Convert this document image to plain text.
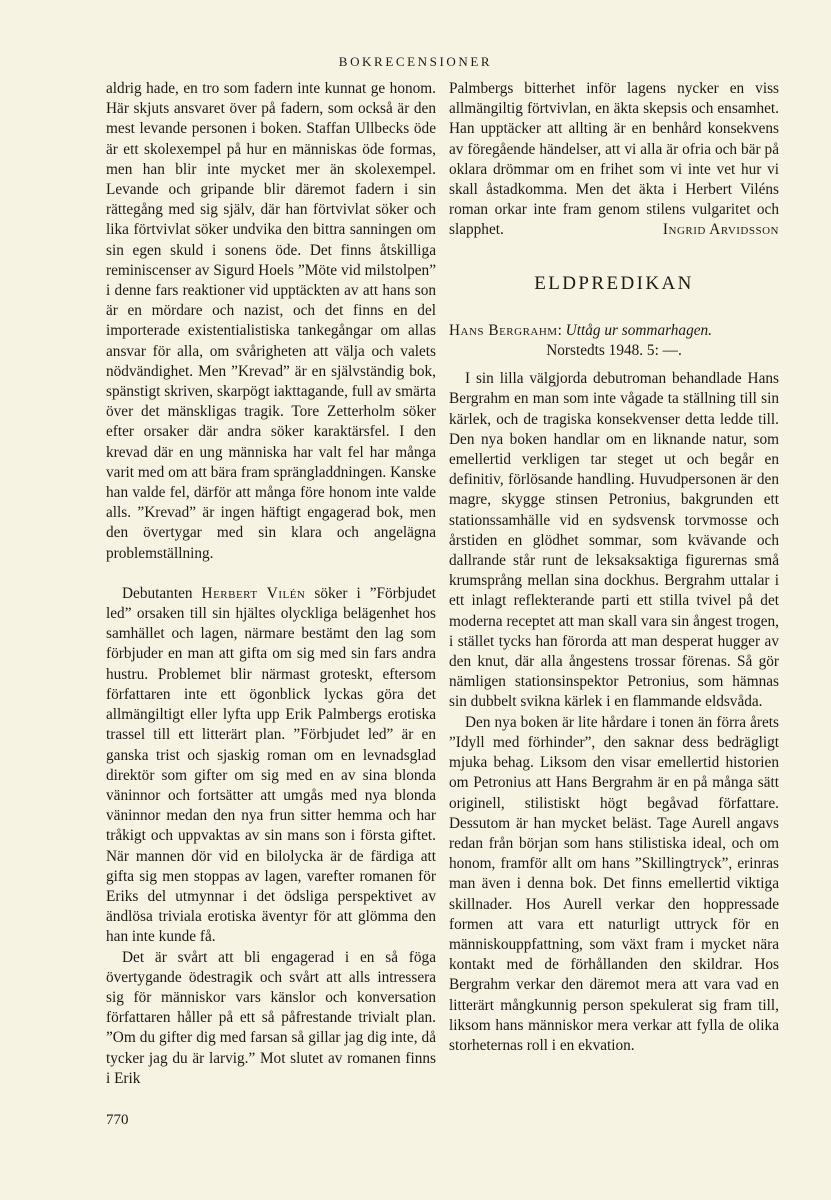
BOKRECENSIONER

aldrig hade, en tro som fadern inte kunnat ge honom. Här skjuts ansvaret över på fadern, som också är den mest levande personen i boken. Staffan Ullbecks öde är ett skolexempel på hur en människas öde formas, men han blir inte mycket mer än skolexempel. Levande och gripande blir däremot fadern i sin rättegång med sig själv, där han förtvivlat söker och lika förtvivlat söker undvika den bittra sanningen om sin egen skuld i sonens öde. Det finns åtskilliga reminiscenser av Sigurd Hoels ”Möte vid milstolpen” i denne fars reaktioner vid upptäckten av att hans son är en mördare och nazist, och det finns en del importerade existentialistiska tankegångar om allas ansvar för alla, om svårigheten att välja och valets nödvändighet. Men ”Krevad” är en självständig bok, spänstigt skriven, skarpögt iakttagande, full av smärta över det mänskligas tragik. Tore Zetterholm söker efter orsaker där andra söker karaktärsfel. I den krevad där en ung människa har valt fel har många varit med om att bära fram sprängladdningen. Kanske han valde fel, därför att många före honom inte valde alls. ”Krevad” är ingen häftigt engagerad bok, men den övertygar med sin klara och angelägna problemställning.

Debutanten Herbert Vilén söker i ”Förbjudet led” orsaken till sin hjältes olyckliga belägenhet hos samhället och lagen, närmare bestämt den lag som förbjuder en man att gifta om sig med sin fars andra hustru. Problemet blir närmast groteskt, eftersom författaren inte ett ögonblick lyckas göra det allmängiltigt eller lyfta upp Erik Palmbergs erotiska trassel till ett litterärt plan. ”Förbjudet led” är en ganska trist och sjaskig roman om en levnadsglad direktör som gifter om sig med en av sina blonda väninnor och fortsätter att umgås med nya blonda väninnor medan den nya frun sitter hemma och har tråkigt och uppvaktas av sin mans son i första giftet. När mannen dör vid en bilolycka är de färdiga att gifta sig men stoppas av lagen, varefter romanen för Eriks del utmynnar i det ödsliga perspektivet av ändlösa triviala erotiska äventyr för att glömma den han inte kunde få.

Det är svårt att bli engagerad i en så föga övertygande ödestragik och svårt att alls intressera sig för människor vars känslor och konversation författaren håller på ett så påfrestande trivialt plan. ”Om du gifter dig med farsan så gillar jag dig inte, då tycker jag du är larvig.” Mot slutet av romanen finns i Erik

Palmbergs bitterhet inför lagens nycker en viss allmängiltig förtvivlan, en äkta skepsis och ensamhet. Han upptäcker att allting är en benhård konsekvens av föregående händelser, att vi alla är ofria och bär på oklara drömmar om en frihet som vi inte vet hur vi skall åstadkomma. Men det äkta i Herbert Viléns roman orkar inte fram genom stilens vulgaritet och slapphet.	Ingrid Arvidsson

ELDPREDIKAN
Hans Bergrahm: Uttåg ur sommarhagen.
Norstedts 1948. 5: —.

I sin lilla välgjorda debutroman behandlade Hans Bergrahm en man som inte vågade ta ställning till sin kärlek, och de tragiska konsekvenser detta ledde till. Den nya boken handlar om en liknande natur, som emellertid verkligen tar steget ut och begår en definitiv, förlösande handling. Huvudpersonen är den magre, skygge stinsen Petronius, bakgrunden ett stationssamhälle vid en sydsvensk torvmosse och årstiden en glödhet sommar, som kvävande och dallrande står runt de leksaksaktiga figurernas små krumsprång mellan sina dockhus. Bergrahm uttalar i ett inlagt reflekterande parti ett stilla tvivel på det moderna receptet att man skall vara sin ångest trogen, i stället tycks han förorda att man desperat hugger av den knut, där alla ångestens trossar förenas. Så gör nämligen stationsinspektor Petronius, som hämnas sin dubbelt svikna kärlek i en flammande eldsvåda.

Den nya boken är lite hårdare i tonen än förra årets ”Idyll med förhinder”, den saknar dess bedrägligt mjuka behag. Liksom den visar emellertid historien om Petronius att Hans Bergrahm är en på många sätt originell, stilistiskt högt begåvad författare. Dessutom är han mycket beläst. Tage Aurell angavs redan från början som hans stilistiska ideal, och om honom, framför allt om hans ”Skillingtryck”, erinras man även i denna bok. Det finns emellertid viktiga skillnader. Hos Aurell verkar den hoppressade formen att vara ett naturligt uttryck för en människouppfattning, som växt fram i mycket nära kontakt med de förhållanden den skildrar. Hos Bergrahm verkar den däremot mera att vara vad en litterärt mångkunnig person spekulerat sig fram till, liksom hans människor mera verkar att fylla de olika storheternas roll i en ekvation.

770
